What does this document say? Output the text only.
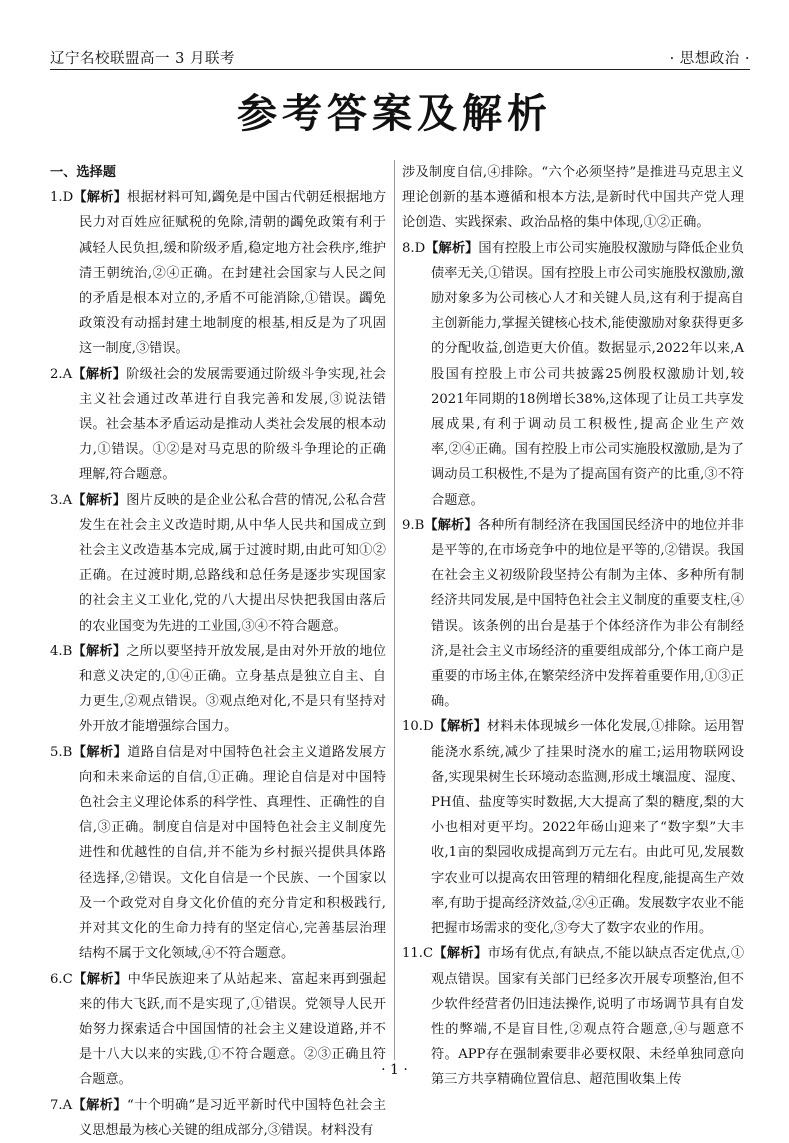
辽宁名校联盟高一 3 月联考	· 思想政治 ·
参考答案及解析
一、选择题

1.D【解析】根据材料可知,蠲免是中国古代朝廷根据地方民力对百姓应征赋税的免除,清朝的蠲免政策有利于减轻人民负担,缓和阶级矛盾,稳定地方社会秩序,维护清王朝统治,②④正确。在封建社会国家与人民之间的矛盾是根本对立的,矛盾不可能消除,①错误。蠲免政策没有动摇封建土地制度的根基,相反是为了巩固这一制度,③错误。

2.A【解析】阶级社会的发展需要通过阶级斗争实现,社会主义社会通过改革进行自我完善和发展,③说法错误。社会基本矛盾运动是推动人类社会发展的根本动力,①错误。①②是对马克思的阶级斗争理论的正确理解,符合题意。

3.A【解析】图片反映的是企业公私合营的情况,公私合营发生在社会主义改造时期,从中华人民共和国成立到社会主义改造基本完成,属于过渡时期,由此可知①②正确。在过渡时期,总路线和总任务是逐步实现国家的社会主义工业化,党的八大提出尽快把我国由落后的农业国变为先进的工业国,③④不符合题意。

4.B【解析】之所以要坚持开放发展,是由对外开放的地位和意义决定的,①④正确。立身基点是独立自主、自力更生,②观点错误。③观点绝对化,不是只有坚持对外开放才能增强综合国力。

5.B【解析】道路自信是对中国特色社会主义道路发展方向和未来命运的自信,①正确。理论自信是对中国特色社会主义理论体系的科学性、真理性、正确性的自信,③正确。制度自信是对中国特色社会主义制度先进性和优越性的自信,并不能为乡村振兴提供具体路径选择,②错误。文化自信是一个民族、一个国家以及一个政党对自身文化价值的充分肯定和积极践行,并对其文化的生命力持有的坚定信心,完善基层治理结构不属于文化领域,④不符合题意。

6.C【解析】中华民族迎来了从站起来、富起来再到强起来的伟大飞跃,而不是实现了,①错误。党领导人民开始努力探索适合中国国情的社会主义建设道路,并不是十八大以来的实践,①不符合题意。②③正确且符合题意。

7.A【解析】“十个明确”是习近平新时代中国特色社会主义思想最为核心关键的组成部分,③错误。材料没有

涉及制度自信,④排除。“六个必须坚持”是推进马克思主义理论创新的基本遵循和根本方法,是新时代中国共产党人理论创造、实践探索、政治品格的集中体现,①②正确。

8.D【解析】国有控股上市公司实施股权激励与降低企业负债率无关,①错误。国有控股上市公司实施股权激励,激励对象多为公司核心人才和关键人员,这有利于提高自主创新能力,掌握关键核心技术,能使激励对象获得更多的分配收益,创造更大价值。数据显示,2022年以来,A股国有控股上市公司共披露25例股权激励计划,较2021年同期的18例增长38%,这体现了让员工共享发展成果,有利于调动员工积极性,提高企业生产效率,②④正确。国有控股上市公司实施股权激励,是为了调动员工积极性,不是为了提高国有资产的比重,③不符合题意。

9.B【解析】各种所有制经济在我国国民经济中的地位并非是平等的,在市场竞争中的地位是平等的,②错误。我国在社会主义初级阶段坚持公有制为主体、多种所有制经济共同发展,是中国特色社会主义制度的重要支柱,④错误。该条例的出台是基于个体经济作为非公有制经济,是社会主义市场经济的重要组成部分,个体工商户是重要的市场主体,在繁荣经济中发挥着重要作用,①③正确。

10.D【解析】材料未体现城乡一体化发展,①排除。运用智能浇水系统,减少了挂果时浇水的雇工;运用物联网设备,实现果树生长环境动态监测,形成土壤温度、湿度、PH值、盐度等实时数据,大大提高了梨的糖度,梨的大小也相对更平均。2022年砀山迎来了“数字梨”大丰收,1亩的梨园收成提高到万元左右。由此可见,发展数字农业可以提高农田管理的精细化程度,能提高生产效率,有助于提高经济效益,②④正确。发展数字农业不能把握市场需求的变化,③夸大了数字农业的作用。

11.C【解析】市场有优点,有缺点,不能以缺点否定优点,①观点错误。国家有关部门已经多次开展专项整治,但不少软件经营者仍旧违法操作,说明了市场调节具有自发性的弊端,不是盲目性,②观点符合题意,④与题意不符。APP存在强制索要非必要权限、未经单独同意向第三方共享精确位置信息、超范围收集上传

· 1 ·
